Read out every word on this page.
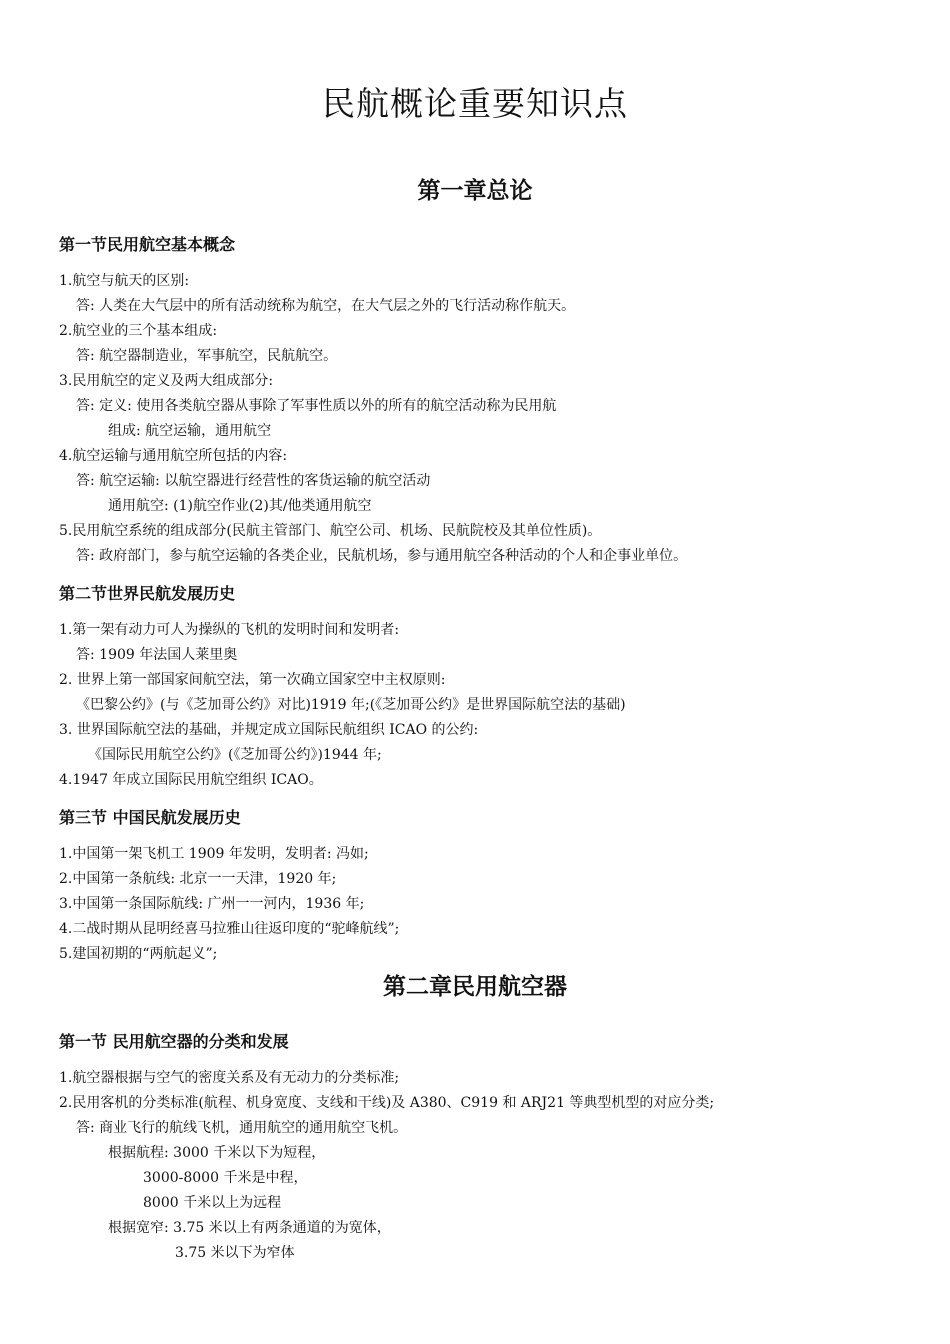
民航概论重要知识点
第一章总论
第一节民用航空基本概念

1.航空与航天的区别:

答: 人类在大气层中的所有活动统称为航空，在大气层之外的飞行活动称作航天。

2.航空业的三个基本组成:

答: 航空器制造业，军事航空，民航航空。

3.民用航空的定义及两大组成部分:

答: 定义: 使用各类航空器从事除了军事性质以外的所有的航空活动称为民用航

组成: 航空运输，通用航空

4.航空运输与通用航空所包括的内容:

答: 航空运输: 以航空器进行经营性的客货运输的航空活动

通用航空: (1)航空作业(2)其/他类通用航空

5.民用航空系统的组成部分(民航主管部门、航空公司、机场、民航院校及其单位性质)。

答: 政府部门，参与航空运输的各类企业，民航机场，参与通用航空各种活动的个人和企事业单位。

第二节世界民航发展历史

1.第一架有动力可人为操纵的飞机的发明时间和发明者:

答: 1909 年法国人莱里奥

2. 世界上第一部国家间航空法，第一次确立国家空中主权原则:

《巴黎公约》(与《芝加哥公约》对比)1919 年;(《芝加哥公约》是世界国际航空法的基础)

3. 世界国际航空法的基础，并规定成立国际民航组织 ICAO 的公约:

《国际民用航空公约》(《芝加哥公约》)1944 年;

4.1947 年成立国际民用航空组织 ICAO。

第三节 中国民航发展历史

1.中国第一架飞机工 1909 年发明，发明者: 冯如;

2.中国第一条航线: 北京一一天津，1920 年;

3.中国第一条国际航线: 广州一一河内，1936 年;

4.二战时期从昆明经喜马拉雅山往返印度的“驼峰航线”;

5.建国初期的“两航起义”;

第二章民用航空器
第一节 民用航空器的分类和发展

1.航空器根据与空气的密度关系及有无动力的分类标准;

2.民用客机的分类标准(航程、机身宽度、支线和干线)及 A380、C919 和 ARJ21 等典型机型的对应分类;

答: 商业飞行的航线飞机，通用航空的通用航空飞机。

根据航程: 3000 千米以下为短程，

3000-8000 千米是中程，

8000 千米以上为远程

根据宽窄: 3.75 米以上有两条通道的为宽体，

3.75 米以下为窄体
